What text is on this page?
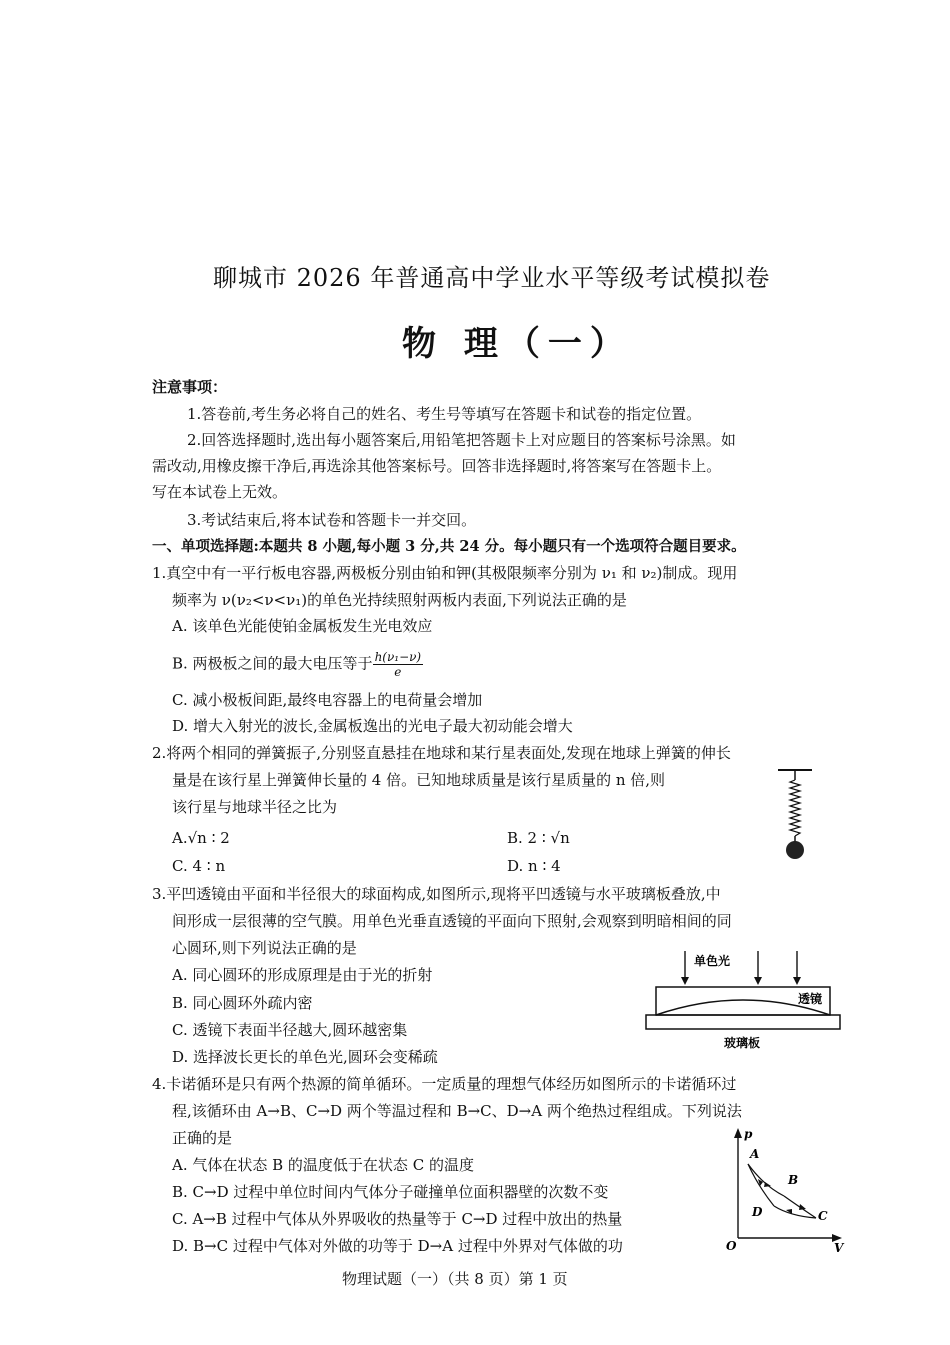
聊城市 2026 年普通高中学业水平等级考试模拟卷
物 理（一）
注意事项：
1.答卷前,考生务必将自己的姓名、考生号等填写在答题卡和试卷的指定位置。
2.回答选择题时,选出每小题答案后,用铅笔把答题卡上对应题目的答案标号涂黑。如
需改动,用橡皮擦干净后,再选涂其他答案标号。回答非选择题时,将答案写在答题卡上。
写在本试卷上无效。
3.考试结束后,将本试卷和答题卡一并交回。
一、单项选择题:本题共 8 小题,每小题 3 分,共 24 分。每小题只有一个选项符合题目要求。
1.真空中有一平行板电容器,两极板分别由铂和钾(其极限频率分别为 ν₁ 和 ν₂)制成。现用
频率为 ν(ν₂<ν<ν₁)的单色光持续照射两板内表面,下列说法正确的是
A. 该单色光能使铂金属板发生光电效应
B. 两极板之间的最大电压等于 $\frac{\text{h(ν₁−ν)}}{e}$
C. 减小极板间距,最终电容器上的电荷量会增加
D. 增大入射光的波长,金属板逸出的光电子最大初动能会增大
2.将两个相同的弹簧振子,分别竖直悬挂在地球和某行星表面处,发现在地球上弹簧的伸长
量是在该行星上弹簧伸长量的 4 倍。已知地球质量是该行星质量的 n 倍,则
该行星与地球半径之比为
A.√n ∶ 2	B. 2 ∶ √n
C. 4 ∶ n	D. n ∶ 4
3.平凹透镜由平面和半径很大的球面构成,如图所示,现将平凹透镜与水平玻璃板叠放,中
间形成一层很薄的空气膜。用单色光垂直透镜的平面向下照射,会观察到明暗相间的同
心圆环,则下列说法正确的是
A. 同心圆环的形成原理是由于光的折射
B. 同心圆环外疏内密
C. 透镜下表面半径越大,圆环越密集
D. 选择波长更长的单色光,圆环会变稀疏
单色光
透镜
玻璃板
4.卡诺循环是只有两个热源的简单循环。一定质量的理想气体经历如图所示的卡诺循环过
程,该循环由 A→B、C→D 两个等温过程和 B→C、D→A 两个绝热过程组成。下列说法
正确的是
A. 气体在状态 B 的温度低于在状态 C 的温度
B. C→D 过程中单位时间内气体分子碰撞单位面积器壁的次数不变
C. A→B 过程中气体从外界吸收的热量等于 C→D 过程中放出的热量
D. B→C 过程中气体对外做的功等于 D→A 过程中外界对气体做的功
p
V
O
A
B
C
D
物理试题（一）（共 8 页）第 1 页
